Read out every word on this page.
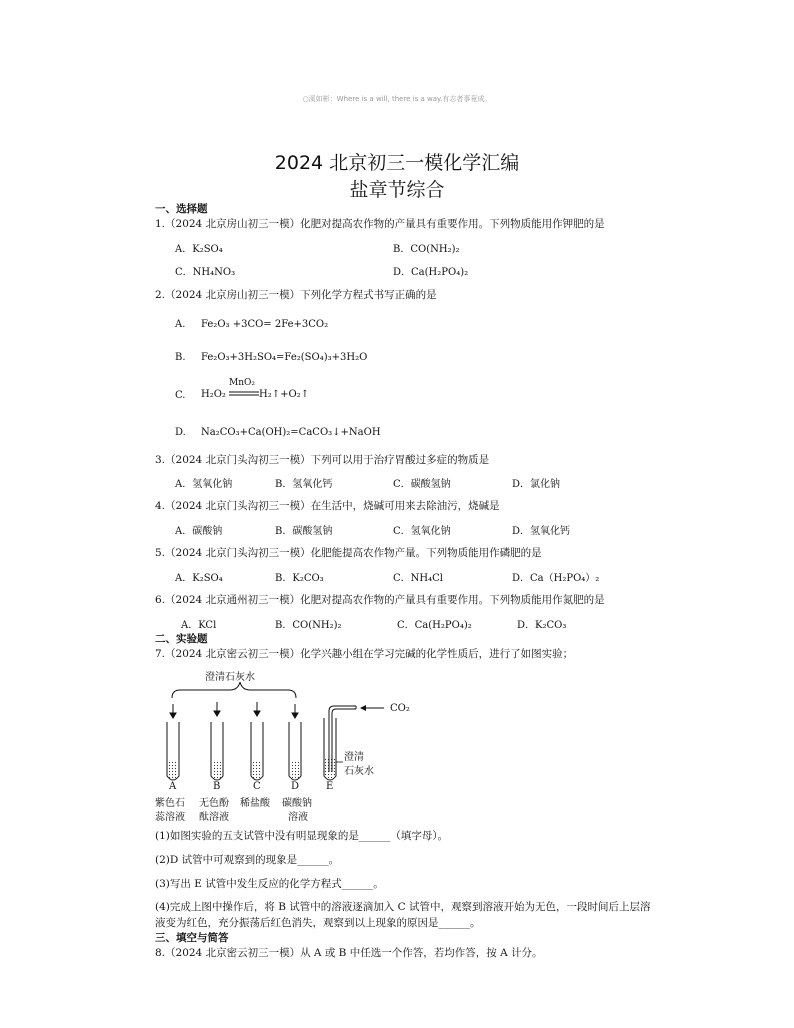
○溪如彬：Where is a will, there is a way.有志者事竟成。
2024 北京初三一模化学汇编
盐章节综合
一、选择题
1.（2024 北京房山初三一模）化肥对提高农作物的产量具有重要作用。下列物质能用作钾肥的是
A．K₂SO₄	B．CO(NH₂)₂
C．NH₄NO₃	D．Ca(H₂PO₄)₂
2.（2024 北京房山初三一模）下列化学方程式书写正确的是
A. Fe₂O₃ +3CO= 2Fe+3CO₂
B. Fe₂O₃+3H₂SO₄=Fe₂(SO₄)₃+3H₂O
C. H₂O₂
MnO₂
H₂↑+O₂↑
D. Na₂CO₃+Ca(OH)₂=CaCO₃↓+NaOH
3.（2024 北京门头沟初三一模）下列可以用于治疗胃酸过多症的物质是
A．氢氧化钠	B．氢氧化钙	C．碳酸氢钠	D．氯化钠
4.（2024 北京门头沟初三一模）在生活中，烧碱可用来去除油污，烧碱是
A．碳酸钠	B．碳酸氢钠	C．氢氧化钠	D．氢氧化钙
5.（2024 北京门头沟初三一模）化肥能提高农作物产量。下列物质能用作磷肥的是
A．K₂SO₄	B．K₂CO₃	C．NH₄Cl	D．Ca（H₂PO₄）₂
6.（2024 北京通州初三一模）化肥对提高农作物的产量具有重要作用。下列物质能用作氮肥的是
A．KCl	B．CO(NH₂)₂	C．Ca(H₂PO₄)₂	D．K₂CO₃
二、实验题
7.（2024 北京密云初三一模）化学兴趣小组在学习完碱的化学性质后，进行了如图实验；
澄清石灰水
CO₂
澄清
石灰水
A	B	C	D	E
紫色石
蕊溶液
无色酚
酞溶液
稀盐酸 碳酸钠
溶液
(1)如图实验的五支试管中没有明显现象的是______（填字母）。
(2)D 试管中可观察到的现象是______。
(3)写出 E 试管中发生反应的化学方程式______。
(4)完成上图中操作后，将 B 试管中的溶液逐滴加入 C 试管中，观察到溶液开始为无色，一段时间后上层溶
液变为红色，充分振荡后红色消失，观察到以上现象的原因是______。
三、填空与简答
8.（2024 北京密云初三一模）从 A 或 B 中任选一个作答，若均作答，按 A 计分。
